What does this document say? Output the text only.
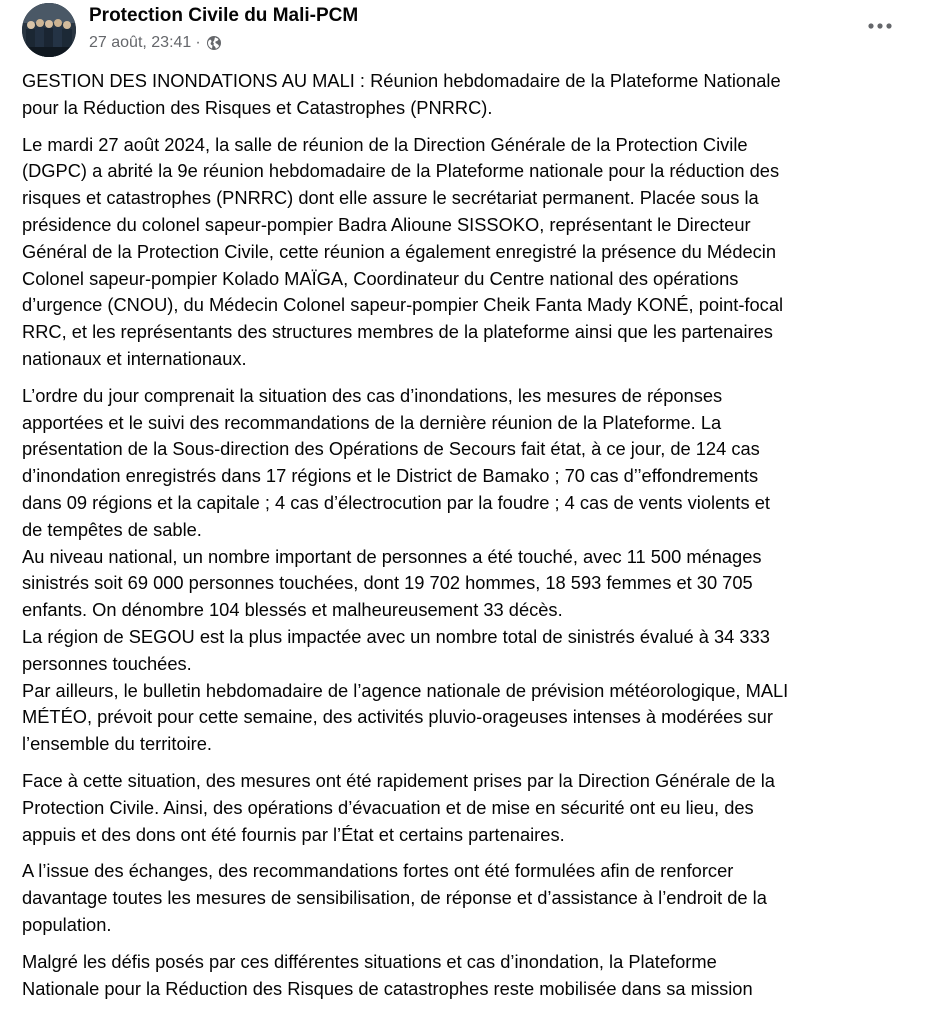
Protection Civile du Mali-PCM
27 août, 23:41 ·
GESTION DES INONDATIONS AU MALI : Réunion hebdomadaire de la Plateforme Nationale
pour la Réduction des Risques et Catastrophes (PNRRC).
Le mardi 27 août 2024, la salle de réunion de la Direction Générale de la Protection Civile
(DGPC) a abrité la 9e réunion hebdomadaire de la Plateforme nationale pour la réduction des
risques et catastrophes (PNRRC) dont elle assure le secrétariat permanent. Placée sous la
présidence du colonel sapeur-pompier Badra Alioune SISSOKO, représentant le Directeur
Général de la Protection Civile, cette réunion a également enregistré la présence du Médecin
Colonel sapeur-pompier Kolado MAÏGA, Coordinateur du Centre national des opérations
d’urgence (CNOU), du Médecin Colonel sapeur-pompier Cheik Fanta Mady KONÉ, point-focal
RRC, et les représentants des structures membres de la plateforme ainsi que les partenaires
nationaux et internationaux.
L’ordre du jour comprenait la situation des cas d’inondations, les mesures de réponses
apportées et le suivi des recommandations de la dernière réunion de la Plateforme. La
présentation de la Sous-direction des Opérations de Secours fait état, à ce jour, de 124 cas
d’inondation enregistrés dans 17 régions et le District de Bamako ; 70 cas d’’effondrements
dans 09 régions et la capitale ; 4 cas d’électrocution par la foudre ; 4 cas de vents violents et
de tempêtes de sable.
Au niveau national, un nombre important de personnes a été touché, avec 11 500 ménages
sinistrés soit 69 000 personnes touchées, dont 19 702 hommes, 18 593 femmes et 30 705
enfants. On dénombre 104 blessés et malheureusement 33 décès.
La région de SEGOU est la plus impactée avec un nombre total de sinistrés évalué à 34 333
personnes touchées.
Par ailleurs, le bulletin hebdomadaire de l’agence nationale de prévision météorologique, MALI
MÉTÉO, prévoit pour cette semaine, des activités pluvio-orageuses intenses à modérées sur
l’ensemble du territoire.
Face à cette situation, des mesures ont été rapidement prises par la Direction Générale de la
Protection Civile. Ainsi, des opérations d’évacuation et de mise en sécurité ont eu lieu, des
appuis et des dons ont été fournis par l’État et certains partenaires.
A l’issue des échanges, des recommandations fortes ont été formulées afin de renforcer
davantage toutes les mesures de sensibilisation, de réponse et d’assistance à l’endroit de la
population.
Malgré les défis posés par ces différentes situations et cas d’inondation, la Plateforme
Nationale pour la Réduction des Risques de catastrophes reste mobilisée dans sa mission
